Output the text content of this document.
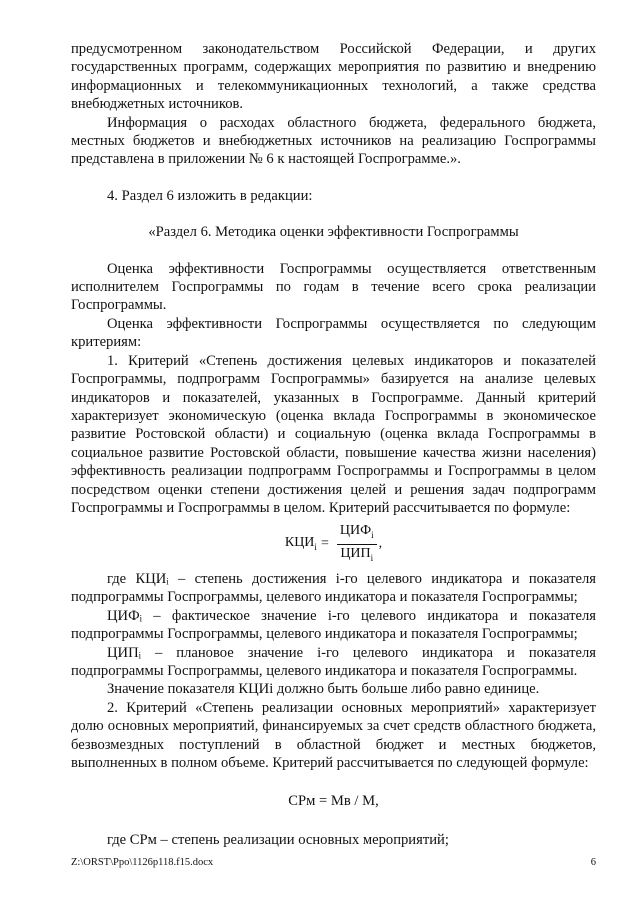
предусмотренном законодательством Российской Федерации, и других государственных программ, содержащих мероприятия по развитию и внедрению информационных и телекоммуникационных технологий, а также средства внебюджетных источников.

Информация о расходах областного бюджета, федерального бюджета, местных бюджетов и внебюджетных источников на реализацию Госпрограммы представлена в приложении № 6 к настоящей Госпрограмме.».

4. Раздел 6 изложить в редакции:

«Раздел 6. Методика оценки эффективности Госпрограммы

Оценка эффективности Госпрограммы осуществляется ответственным исполнителем Госпрограммы по годам в течение всего срока реализации Госпрограммы.

Оценка эффективности Госпрограммы осуществляется по следующим критериям:

1. Критерий «Степень достижения целевых индикаторов и показателей Госпрограммы, подпрограмм Госпрограммы» базируется на анализе целевых индикаторов и показателей, указанных в Госпрограмме. Данный критерий характеризует экономическую (оценка вклада Госпрограммы в экономическое развитие Ростовской области) и социальную (оценка вклада Госпрограммы в социальное развитие Ростовской области, повышение качества жизни населения) эффективность реализации подпрограмм Госпрограммы и Госпрограммы в целом посредством оценки степени достижения целей и решения задач подпрограмм Госпрограммы и Госпрограммы в целом. Критерий рассчитывается по формуле:

$КЦИ_i = \frac{ЦИФ_i}{ЦИП_i}$ ,

где КЦИᵢ – степень достижения i-го целевого индикатора и показателя подпрограммы Госпрограммы, целевого индикатора и показателя Госпрограммы;

ЦИФᵢ – фактическое значение i-го целевого индикатора и показателя подпрограммы Госпрограммы, целевого индикатора и показателя Госпрограммы;

ЦИПᵢ – плановое значение i-го целевого индикатора и показателя подпрограммы Госпрограммы, целевого индикатора и показателя Госпрограммы.

Значение показателя КЦИi должно быть больше либо равно единице.

2. Критерий «Степень реализации основных мероприятий» характеризует долю основных мероприятий, финансируемых за счет средств областного бюджета, безвозмездных поступлений в областной бюджет и местных бюджетов, выполненных в полном объеме. Критерий рассчитывается по следующей формуле:

СРм = Мв / М,

где СРм – степень реализации основных мероприятий;

Z:\ORST\Ppo\1126p118.f15.docx	6
